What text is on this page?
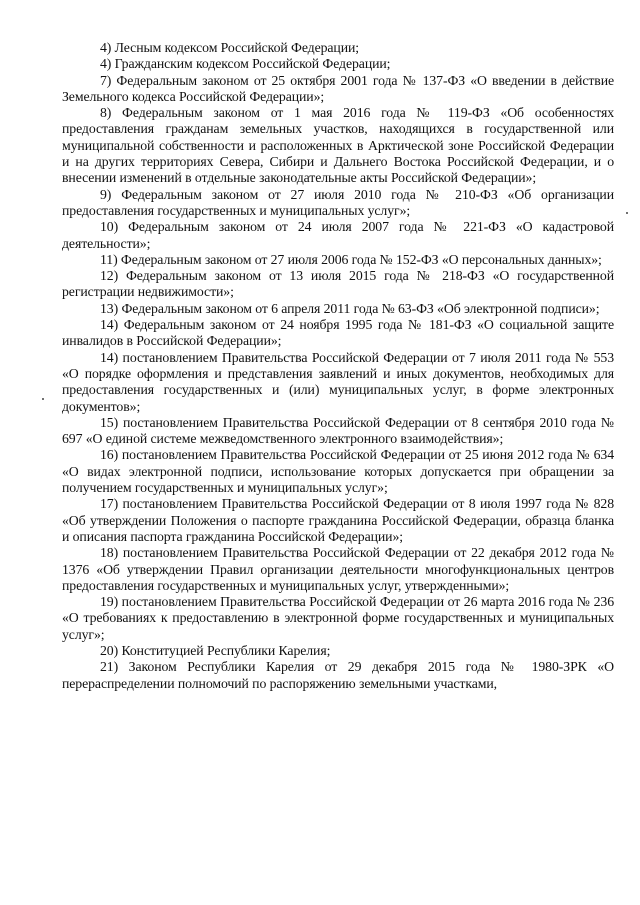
4) Лесным кодексом Российской Федерации;

4) Гражданским кодексом Российской Федерации;

7) Федеральным законом от 25 октября 2001 года № 137-ФЗ «О введении в действие Земельного кодекса Российской Федерации»;

8) Федеральным законом от 1 мая 2016 года № 119-ФЗ «Об особенностях предоставления гражданам земельных участков, находящихся в государственной или муниципальной собственности и расположенных в Арктической зоне Российской Федерации и на других территориях Севера, Сибири и Дальнего Востока Российской Федерации, и о внесении изменений в отдельные законодательные акты Российской Федерации»;

9) Федеральным законом от 27 июля 2010 года № 210-ФЗ «Об организации предоставления государственных и муниципальных услуг»;

10) Федеральным законом от 24 июля 2007 года № 221-ФЗ «О кадастровой деятельности»;

11) Федеральным законом от 27 июля 2006 года № 152-ФЗ «О персональных данных»;

12) Федеральным законом от 13 июля 2015 года № 218-ФЗ «О государственной регистрации недвижимости»;

13) Федеральным законом от 6 апреля 2011 года № 63-ФЗ «Об электронной подписи»;

14) Федеральным законом от 24 ноября 1995 года № 181-ФЗ «О социальной защите инвалидов в Российской Федерации»;

14) постановлением Правительства Российской Федерации от 7 июля 2011 года № 553 «О порядке оформления и представления заявлений и иных документов, необходимых для предоставления государственных и (или) муниципальных услуг, в форме электронных документов»;

15) постановлением Правительства Российской Федерации от 8 сентября 2010 года № 697 «О единой системе межведомственного электронного взаимодействия»;

16) постановлением Правительства Российской Федерации от 25 июня 2012 года № 634 «О видах электронной подписи, использование которых допускается при обращении за получением государственных и муниципальных услуг»;

17) постановлением Правительства Российской Федерации от 8 июля 1997 года № 828 «Об утверждении Положения о паспорте гражданина Российской Федерации, образца бланка и описания паспорта гражданина Российской Федерации»;

18) постановлением Правительства Российской Федерации от 22 декабря 2012 года № 1376 «Об утверждении Правил организации деятельности многофункциональных центров предоставления государственных и муниципальных услуг, утвержденными»;

19) постановлением Правительства Российской Федерации от 26 марта 2016 года № 236 «О требованиях к предоставлению в электронной форме государственных и муниципальных услуг»;

20) Конституцией Республики Карелия;

21) Законом Республики Карелия от 29 декабря 2015 года № 1980-ЗРК «О перераспределении полномочий по распоряжению земельными участками,
